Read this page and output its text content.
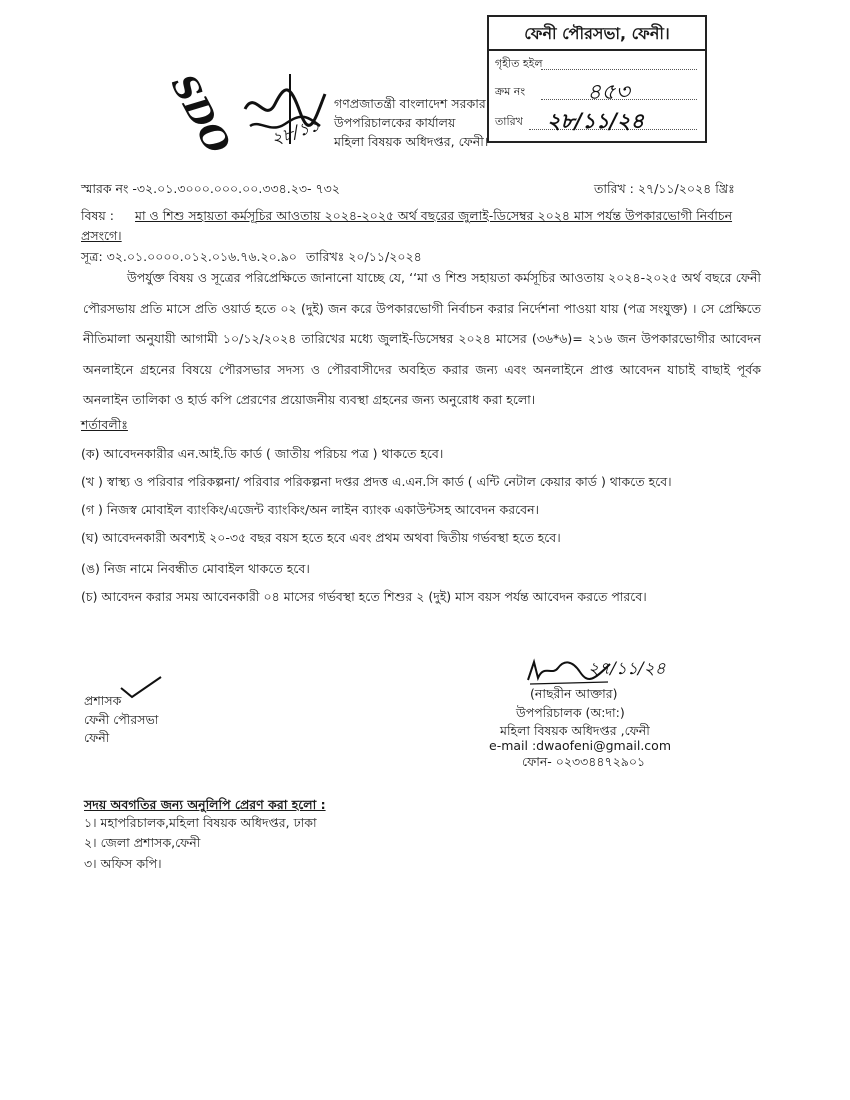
ফেনী পৌরসভা, ফেনী।
গৃহীত হইল
ক্রম নং	৪৫৩
তারিখ ২৮/১১/২৪
SDO ২৮/১১
গণপ্রজাতন্ত্রী বাংলাদেশ সরকার
উপপরিচালকের কার্যালয়
মহিলা বিষয়ক অধিদপ্তর, ফেনী।
স্মারক নং -৩২.০১.৩০০০.০০০.০০.৩৩৪.২৩- ৭৩২	তারিখ : ২৭/১১/২০২৪ খ্রিঃ
বিষয় : মা ও শিশু সহায়তা কর্মসূচির আওতায় ২০২৪-২০২৫ অর্থ বছরের জুলাই-ডিসেম্বর ২০২৪ মাস পর্যন্ত উপকারভোগী নির্বাচন
প্রসংগে।
সূত্র: ৩২.০১.০০০০.০১২.০১৬.৭৬.২০.৯০ তারিখঃ ২০/১১/২০২৪
উপর্যুক্ত বিষয় ও সূত্রের পরিপ্রেক্ষিতে জানানো যাচ্ছে যে, ‘‘মা ও শিশু সহায়তা কর্মসূচির আওতায় ২০২৪-২০২৫ অর্থ বছরে ফেনী পৌরসভায় প্রতি মাসে প্রতি ওয়ার্ড হতে ০২ (দুই) জন করে উপকারভোগী নির্বাচন করার নির্দেশনা পাওয়া যায় (পত্র সংযুক্ত) । সে প্রেক্ষিতে নীতিমালা অনুযায়ী আগামী ১০/১২/২০২৪ তারিখের মধ্যে জুলাই-ডিসেম্বর ২০২৪ মাসের (৩৬*৬)= ২১৬ জন উপকারভোগীর আবেদন অনলাইনে গ্রহনের বিষয়ে পৌরসভার সদস্য ও পৌরবাসীদের অবহিত করার জন্য এবং অনলাইনে প্রাপ্ত আবেদন যাচাই বাছাই পূর্বক অনলাইন তালিকা ও হার্ড কপি প্রেরণের প্রয়োজনীয় ব্যবস্থা গ্রহনের জন্য অনুরোধ করা হলো।
শর্তাবলীঃ
(ক) আবেদনকারীর এন.আই.ডি কার্ড ( জাতীয় পরিচয় পত্র ) থাকতে হবে।
(খ ) স্বাস্থ্য ও পরিবার পরিকল্পনা/ পরিবার পরিকল্পনা দপ্তর প্রদত্ত এ.এন.সি কার্ড ( এন্টি নেটাল কেয়ার কার্ড ) থাকতে হবে।
(গ ) নিজস্ব মোবাইল ব্যাংকিং/এজেন্ট ব্যাংকিং/অন লাইন ব্যাংক একাউন্টসহ আবেদন করবেন।
(ঘ) আবেদনকারী অবশ্যই ২০-৩৫ বছর বয়স হতে হবে এবং প্রথম অথবা দ্বিতীয় গর্ভবস্থা হতে হবে।
(ঙ) নিজ নামে নিবন্ধীত মোবাইল থাকতে হবে।
(চ) আবেদন করার সময় আবেনকারী ০৪ মাসের গর্ভবস্থা হতে শিশুর ২ (দুই) মাস বয়স পর্যন্ত আবেদন করতে পারবে।
২৭/১১/২৪
(নাছরীন আক্তার)
উপপরিচালক (অ:দা:)
মহিলা বিষয়ক অধিদপ্তর ,ফেনী
e-mail :dwaofeni@gmail.com
ফোন- ০২৩৩৪৪৭২৯০১
প্রশাসক
ফেনী পৌরসভা
ফেনী
সদয় অবগতির জন্য অনুলিপি প্রেরণ করা হলো :
১। মহাপরিচালক,মহিলা বিষয়ক অধিদপ্তর, ঢাকা
২। জেলা প্রশাসক,ফেনী
৩। অফিস কপি।
